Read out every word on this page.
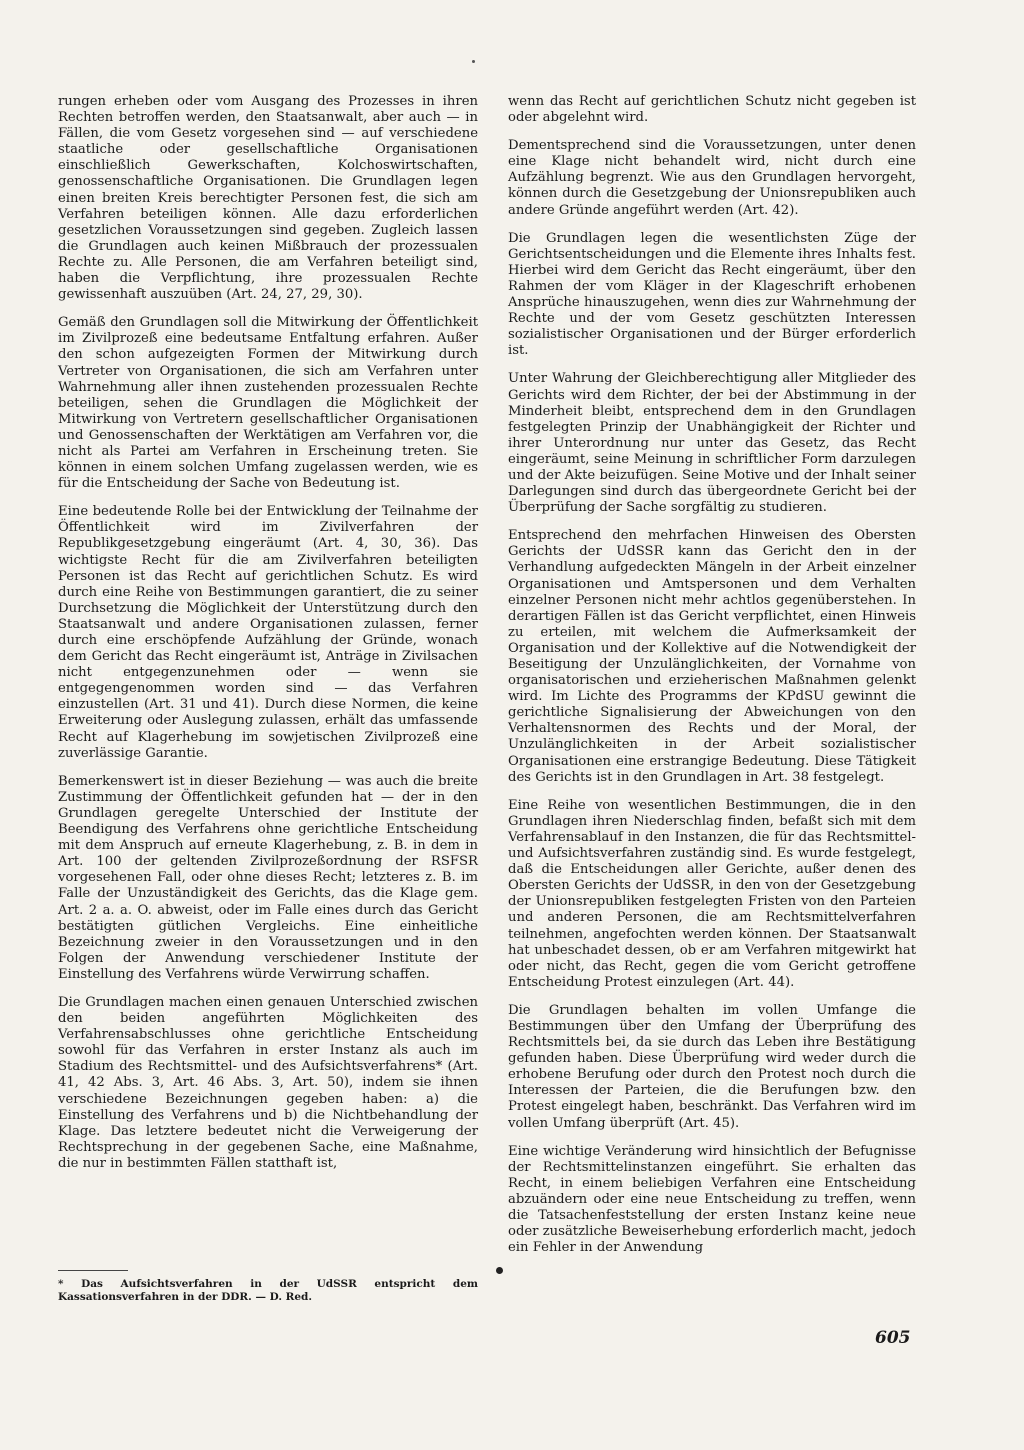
rungen erheben oder vom Ausgang des Prozesses in ihren Rechten betroffen werden, den Staatsanwalt, aber auch — in Fällen, die vom Gesetz vorgesehen sind — auf verschiedene staatliche oder gesellschaftliche Organisationen einschließlich Gewerkschaften, Kolchoswirtschaften, genossenschaftliche Organisationen. Die Grundlagen legen einen breiten Kreis berechtigter Personen fest, die sich am Verfahren beteiligen können. Alle dazu erforderlichen gesetzlichen Voraussetzungen sind gegeben. Zugleich lassen die Grundlagen auch keinen Mißbrauch der prozessualen Rechte zu. Alle Personen, die am Verfahren beteiligt sind, haben die Verpflichtung, ihre prozessualen Rechte gewissenhaft auszuüben (Art. 24, 27, 29, 30).

Gemäß den Grundlagen soll die Mitwirkung der Öffentlichkeit im Zivilprozeß eine bedeutsame Entfaltung erfahren. Außer den schon aufgezeigten Formen der Mitwirkung durch Vertreter von Organisationen, die sich am Verfahren unter Wahrnehmung aller ihnen zustehenden prozessualen Rechte beteiligen, sehen die Grundlagen die Möglichkeit der Mitwirkung von Vertretern gesellschaftlicher Organisationen und Genossenschaften der Werktätigen am Verfahren vor, die nicht als Partei am Verfahren in Erscheinung treten. Sie können in einem solchen Umfang zugelassen werden, wie es für die Entscheidung der Sache von Bedeutung ist.

Eine bedeutende Rolle bei der Entwicklung der Teilnahme der Öffentlichkeit wird im Zivilverfahren der Republikgesetzgebung eingeräumt (Art. 4, 30, 36). Das wichtigste Recht für die am Zivilverfahren beteiligten Personen ist das Recht auf gerichtlichen Schutz. Es wird durch eine Reihe von Bestimmungen garantiert, die zu seiner Durchsetzung die Möglichkeit der Unterstützung durch den Staatsanwalt und andere Organisationen zulassen, ferner durch eine erschöpfende Aufzählung der Gründe, wonach dem Gericht das Recht eingeräumt ist, Anträge in Zivilsachen nicht entgegenzunehmen oder — wenn sie entgegengenommen worden sind — das Verfahren einzustellen (Art. 31 und 41). Durch diese Normen, die keine Erweiterung oder Auslegung zulassen, erhält das umfassende Recht auf Klagerhebung im sowjetischen Zivilprozeß eine zuverlässige Garantie.

Bemerkenswert ist in dieser Beziehung — was auch die breite Zustimmung der Öffentlichkeit gefunden hat — der in den Grundlagen geregelte Unterschied der Institute der Beendigung des Verfahrens ohne gerichtliche Entscheidung mit dem Anspruch auf erneute Klagerhebung, z. B. in dem in Art. 100 der geltenden Zivilprozeßordnung der RSFSR vorgesehenen Fall, oder ohne dieses Recht; letzteres z. B. im Falle der Unzuständigkeit des Gerichts, das die Klage gem. Art. 2 a. a. O. abweist, oder im Falle eines durch das Gericht bestätigten gütlichen Vergleichs. Eine einheitliche Bezeichnung zweier in den Voraussetzungen und in den Folgen der Anwendung verschiedener Institute der Einstellung des Verfahrens würde Verwirrung schaffen.

Die Grundlagen machen einen genauen Unterschied zwischen den beiden angeführten Möglichkeiten des Verfahrensabschlusses ohne gerichtliche Entscheidung sowohl für das Verfahren in erster Instanz als auch im Stadium des Rechtsmittel- und des Aufsichtsverfahrens* (Art. 41, 42 Abs. 3, Art. 46 Abs. 3, Art. 50), indem sie ihnen verschiedene Bezeichnungen gegeben haben: a) die Einstellung des Verfahrens und b) die Nichtbehandlung der Klage. Das letztere bedeutet nicht die Verweigerung der Rechtsprechung in der gegebenen Sache, eine Maßnahme, die nur in bestimmten Fällen statthaft ist,

wenn das Recht auf gerichtlichen Schutz nicht gegeben ist oder abgelehnt wird.

Dementsprechend sind die Voraussetzungen, unter denen eine Klage nicht behandelt wird, nicht durch eine Aufzählung begrenzt. Wie aus den Grundlagen hervorgeht, können durch die Gesetzgebung der Unionsrepubliken auch andere Gründe angeführt werden (Art. 42).

Die Grundlagen legen die wesentlichsten Züge der Gerichtsentscheidungen und die Elemente ihres Inhalts fest. Hierbei wird dem Gericht das Recht eingeräumt, über den Rahmen der vom Kläger in der Klageschrift erhobenen Ansprüche hinauszugehen, wenn dies zur Wahrnehmung der Rechte und der vom Gesetz geschützten Interessen sozialistischer Organisationen und der Bürger erforderlich ist.

Unter Wahrung der Gleichberechtigung aller Mitglieder des Gerichts wird dem Richter, der bei der Abstimmung in der Minderheit bleibt, entsprechend dem in den Grundlagen festgelegten Prinzip der Unabhängigkeit der Richter und ihrer Unterordnung nur unter das Gesetz, das Recht eingeräumt, seine Meinung in schriftlicher Form darzulegen und der Akte beizufügen. Seine Motive und der Inhalt seiner Darlegungen sind durch das übergeordnete Gericht bei der Überprüfung der Sache sorgfältig zu studieren.

Entsprechend den mehrfachen Hinweisen des Obersten Gerichts der UdSSR kann das Gericht den in der Verhandlung aufgedeckten Mängeln in der Arbeit einzelner Organisationen und Amtspersonen und dem Verhalten einzelner Personen nicht mehr achtlos gegenüberstehen. In derartigen Fällen ist das Gericht verpflichtet, einen Hinweis zu erteilen, mit welchem die Aufmerksamkeit der Organisation und der Kollektive auf die Notwendigkeit der Beseitigung der Unzulänglichkeiten, der Vornahme von organisatorischen und erzieherischen Maßnahmen gelenkt wird. Im Lichte des Programms der KPdSU gewinnt die gerichtliche Signalisierung der Abweichungen von den Verhaltensnormen des Rechts und der Moral, der Unzulänglichkeiten in der Arbeit sozialistischer Organisationen eine erstrangige Bedeutung. Diese Tätigkeit des Gerichts ist in den Grundlagen in Art. 38 festgelegt.

Eine Reihe von wesentlichen Bestimmungen, die in den Grundlagen ihren Niederschlag finden, befaßt sich mit dem Verfahrensablauf in den Instanzen, die für das Rechtsmittel- und Aufsichtsverfahren zuständig sind. Es wurde festgelegt, daß die Entscheidungen aller Gerichte, außer denen des Obersten Gerichts der UdSSR, in den von der Gesetzgebung der Unionsrepubliken festgelegten Fristen von den Parteien und anderen Personen, die am Rechtsmittelverfahren teilnehmen, angefochten werden können. Der Staatsanwalt hat unbeschadet dessen, ob er am Verfahren mitgewirkt hat oder nicht, das Recht, gegen die vom Gericht getroffene Entscheidung Protest einzulegen (Art. 44).

Die Grundlagen behalten im vollen Umfange die Bestimmungen über den Umfang der Überprüfung des Rechtsmittels bei, da sie durch das Leben ihre Bestätigung gefunden haben. Diese Überprüfung wird weder durch die erhobene Berufung oder durch den Protest noch durch die Interessen der Parteien, die die Berufungen bzw. den Protest eingelegt haben, beschränkt. Das Verfahren wird im vollen Umfang überprüft (Art. 45).

Eine wichtige Veränderung wird hinsichtlich der Befugnisse der Rechtsmittelinstanzen eingeführt. Sie erhalten das Recht, in einem beliebigen Verfahren eine Entscheidung abzuändern oder eine neue Entscheidung zu treffen, wenn die Tatsachenfeststellung der ersten Instanz keine neue oder zusätzliche Beweiserhebung erforderlich macht, jedoch ein Fehler in der Anwendung

* Das Aufsichtsverfahren in der UdSSR entspricht dem Kassationsverfahren in der DDR. — D. Red.
605
